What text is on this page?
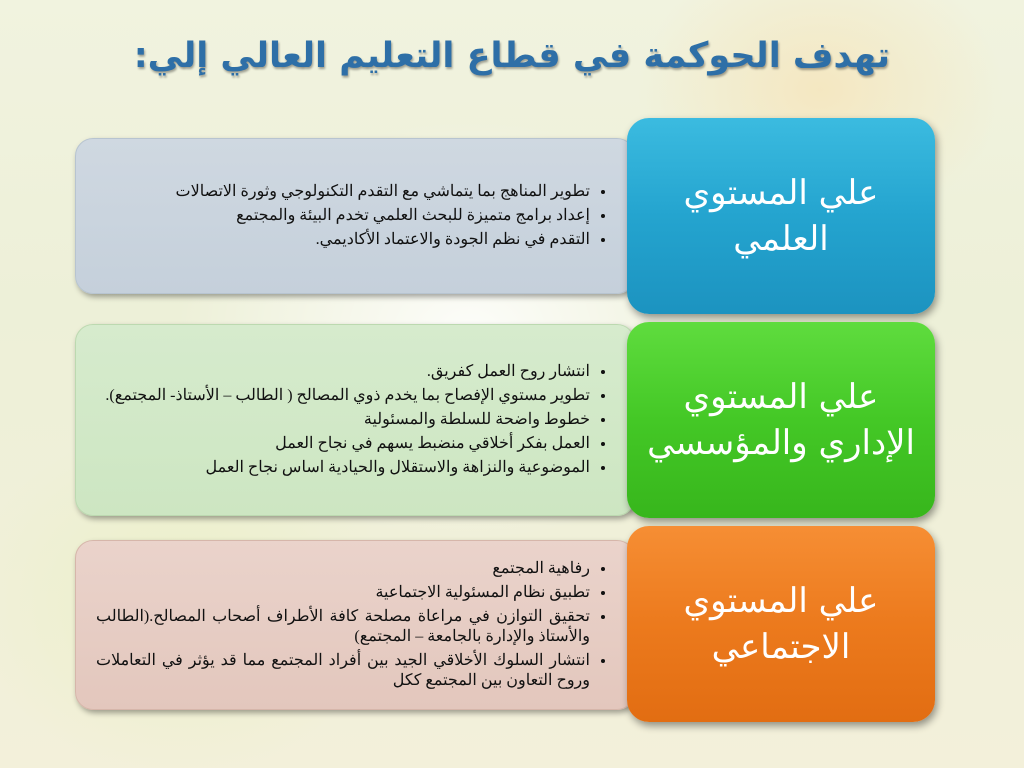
تهدف الحوكمة في قطاع التعليم العالي إلي:
• تطوير المناهج بما يتماشي مع التقدم التكنولوجي وثورة الاتصالات
• إعداد برامج متميزة للبحث العلمي تخدم البيئة والمجتمع
• التقدم في نظم الجودة والاعتماد الأكاديمي.
علي المستوي العلمي
• انتشار روح العمل كفريق.
• تطوير مستوي الإفصاح بما يخدم ذوي المصالح ( الطالب – الأستاذ- المجتمع).
• خطوط واضحة للسلطة والمسئولية
• العمل بفكر أخلاقي منضبط يسهم في نجاح العمل
• الموضوعية والنزاهة والاستقلال والحيادية اساس نجاح العمل
علي المستوي الإداري والمؤسسي
• رفاهية المجتمع
• تطبيق نظام المسئولية الاجتماعية
• تحقيق التوازن في مراعاة مصلحة كافة الأطراف أصحاب المصالح.(الطالب والأستاذ والإدارة بالجامعة – المجتمع)
• انتشار السلوك الأخلاقي الجيد بين أفراد المجتمع مما قد يؤثر في التعاملات وروح التعاون بين المجتمع ككل
علي المستوي الاجتماعي
